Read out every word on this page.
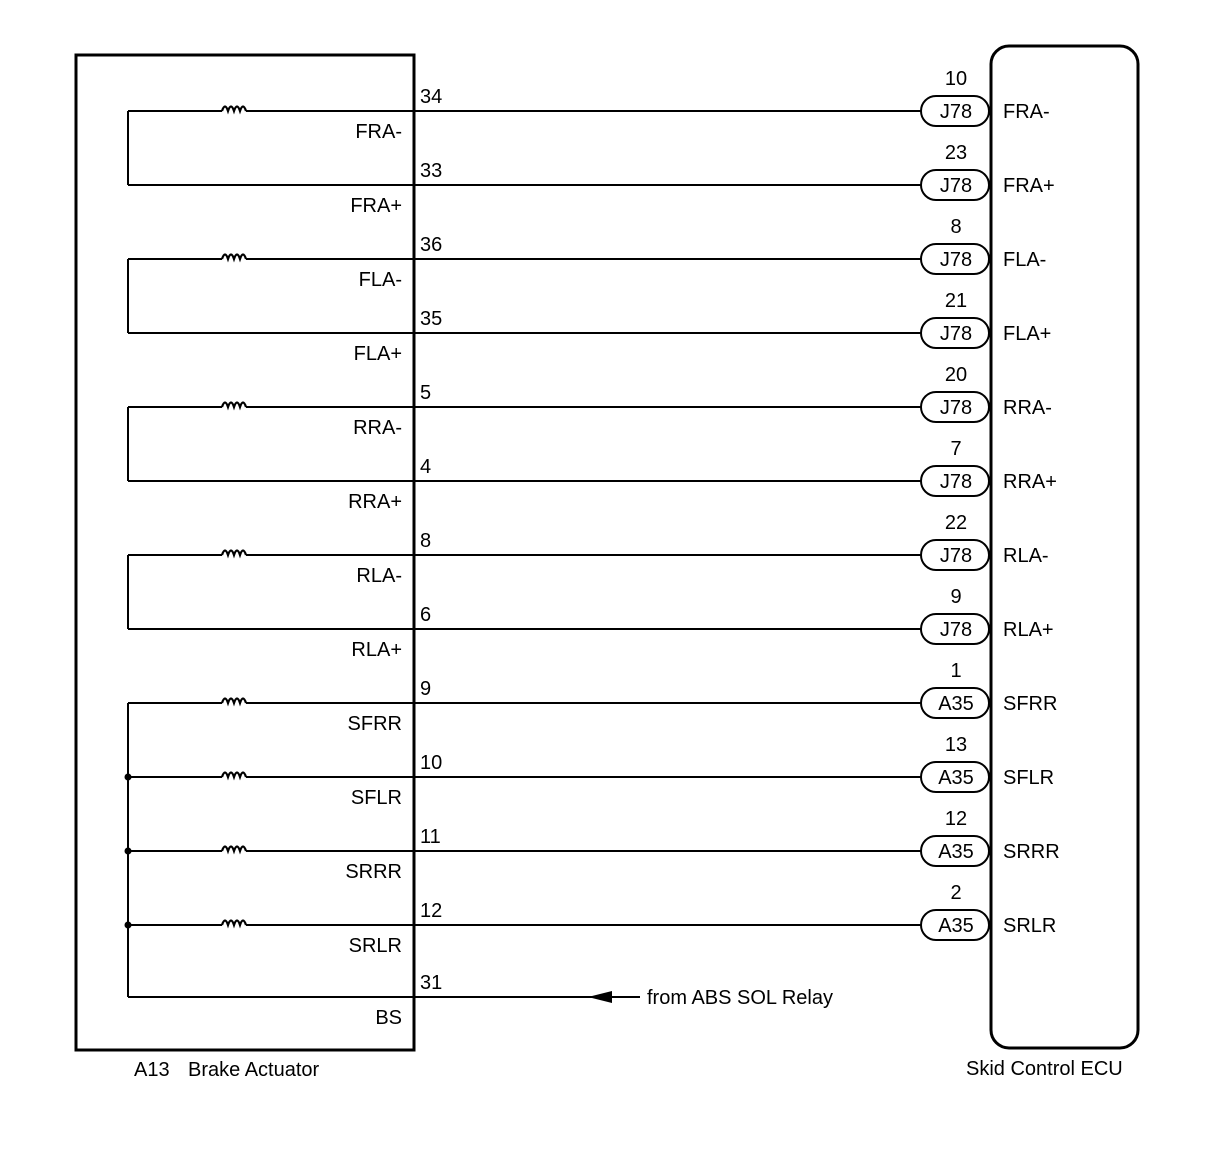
34
FRA-
10
J78 FRA-
33
FRA+
23
J78 FRA+
36
FLA-
8
J78 FLA-
35
FLA+
21
J78 FLA+
5
RRA-
20
J78 RRA-
4
RRA+
7
J78 RRA+
8
RLA-
22
J78 RLA-
6
RLA+
9
J78 RLA+
9
SFRR
1
A35 SFRR
10
SFLR
13
A35 SFLR
11
SRRR
12
A35 SRRR
12
SRLR
2
A35 SRLR
31
BS
from ABS SOL Relay
A13 Brake Actuator	Skid Control ECU
